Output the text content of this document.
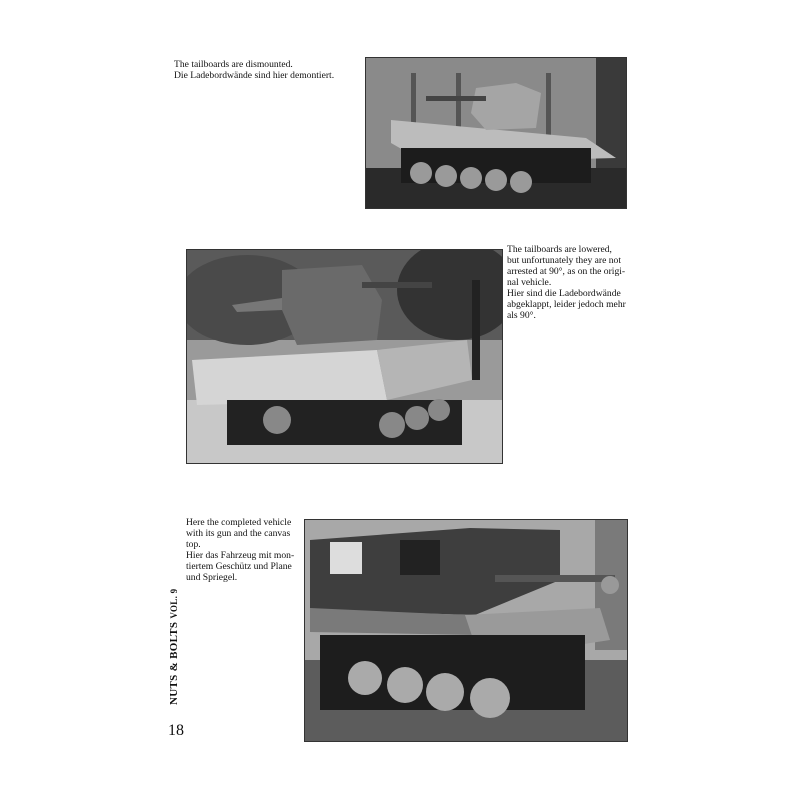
The tailboards are dismounted.
Die Ladebordwände sind hier demontiert.
The tailboards are lowered,
but unfortunately they are not
arrested at 90°, as on the origi-
nal vehicle.
Hier sind die Ladebordwände
abgeklappt, leider jedoch mehr
als 90°.
Here the completed vehicle
with its gun and the canvas
top.
Hier das Fahrzeug mit mon-
tiertem Geschütz und Plane
und Spriegel.
NUTS & BOLTS VOL. 9
18
